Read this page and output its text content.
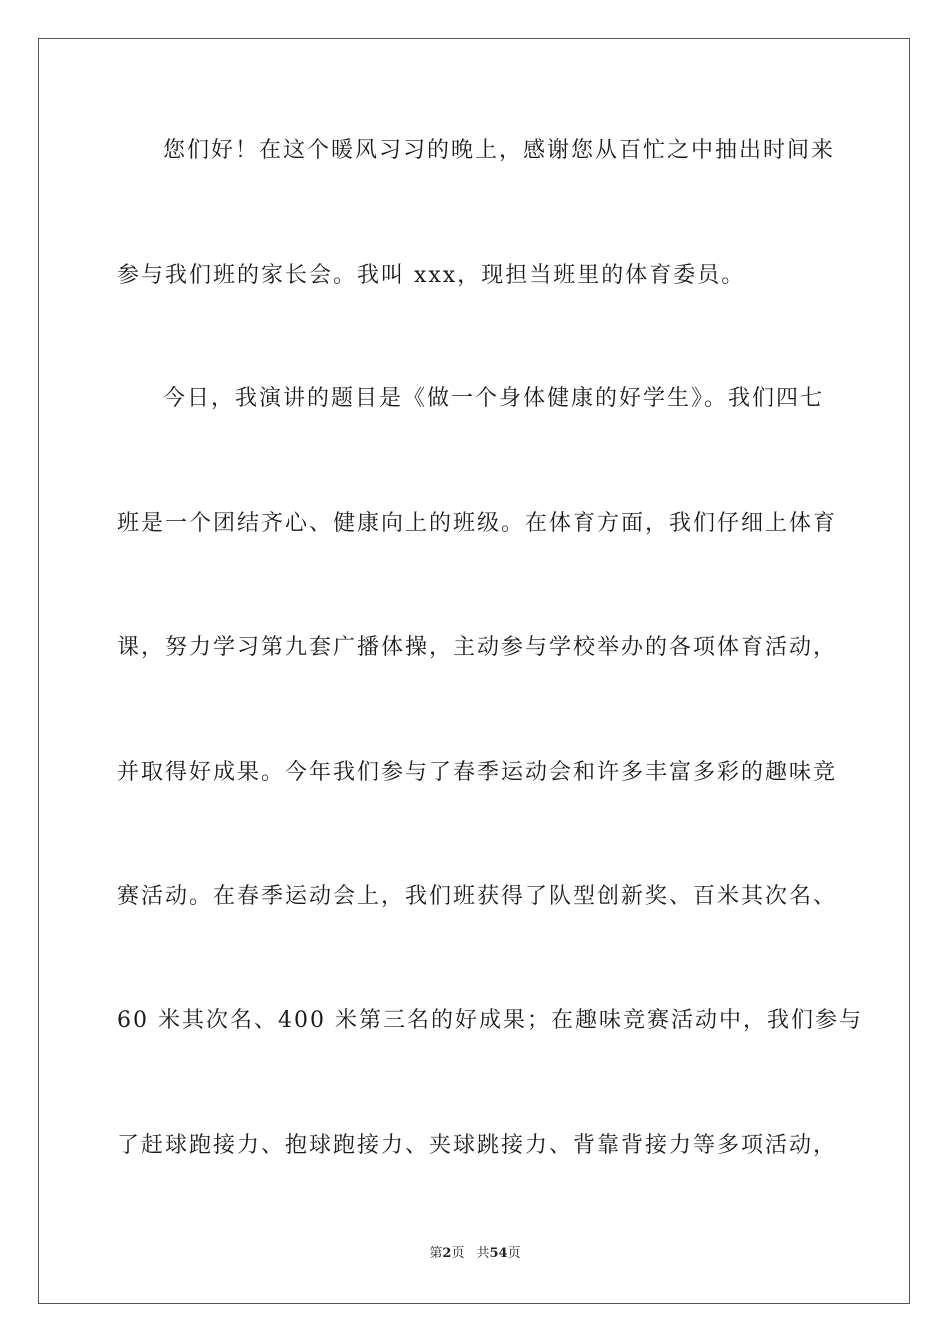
您们好！在这个暖风习习的晚上，感谢您从百忙之中抽出时间来
参与我们班的家长会。我叫 xxx，现担当班里的体育委员。
今日，我演讲的题目是《做一个身体健康的好学生》。我们四七
班是一个团结齐心、健康向上的班级。在体育方面，我们仔细上体育
课，努力学习第九套广播体操，主动参与学校举办的各项体育活动，
并取得好成果。今年我们参与了春季运动会和许多丰富多彩的趣味竞
赛活动。在春季运动会上，我们班获得了队型创新奖、百米其次名、
60 米其次名、400 米第三名的好成果；在趣味竞赛活动中，我们参与
了赶球跑接力、抱球跑接力、夹球跳接力、背靠背接力等多项活动，
第2页 共54页
